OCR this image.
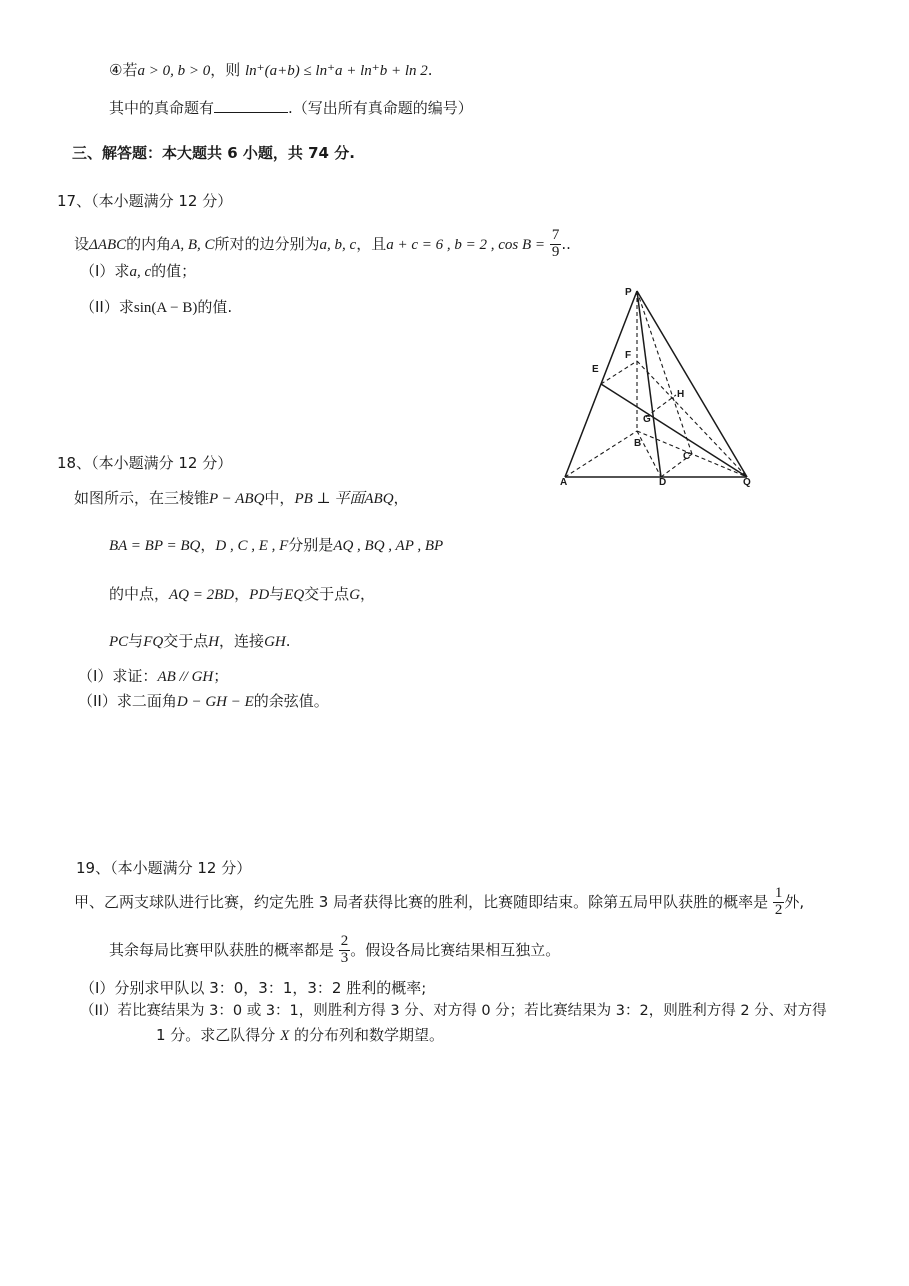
④若a > 0, b > 0，则 ln⁺(a+b) ≤ ln⁺a + ln⁺b + ln 2.
其中的真命题有	.（写出所有真命题的编号）
三、解答题：本大题共 6 小题，共 74 分.
17、（本小题满分 12 分）
设ΔABC的内角A, B, C所对的边分别为a, b, c，且a + c = 6 , b = 2 , $\cos B = \frac{7}{9}$ ..
（I）求a, c的值；
（II）求sin(A − B)的值.
P
F
E
H
G
B
C
A	D	Q
18、（本小题满分 12 分）
如图所示，在三棱锥P − ABQ中，PB ⊥ 平面ABQ，
BA = BP = BQ，D , C , E , F分别是AQ , BQ , AP , BP
的中点，AQ = 2BD，PD与EQ交于点G，
PC与FQ交于点H，连接GH.
（I）求证：AB // GH；
（II）求二面角D − GH − E的余弦值。
19、（本小题满分 12 分）
甲、乙两支球队进行比赛，约定先胜 3 局者获得比赛的胜利，比赛随即结束。除第五局甲队获胜的概率是 $\frac{1}{2}$ 外,
其余每局比赛甲队获胜的概率都是 $\frac{2}{3}$ 。假设各局比赛结果相互独立。
（I）分别求甲队以 3：0，3：1，3：2 胜利的概率;
（II）若比赛结果为 3：0 或 3：1，则胜利方得 3 分、对方得 0 分；若比赛结果为 3：2，则胜利方得 2 分、对方得
1 分。求乙队得分 X 的分布列和数学期望。
